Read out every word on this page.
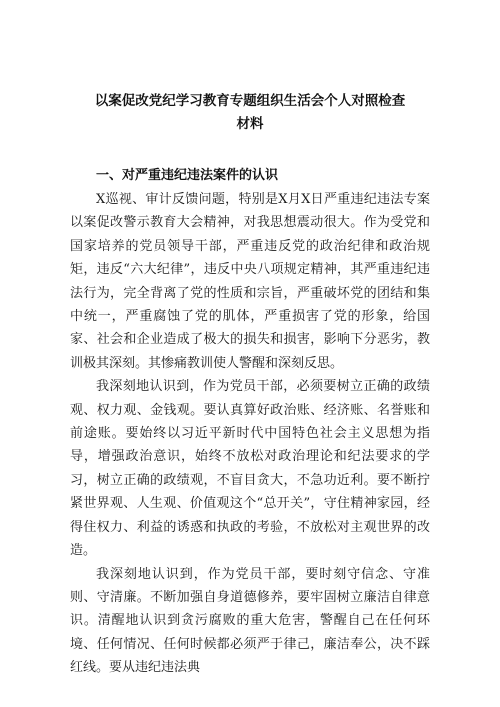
以案促改党纪学习教育专题组织生活会个人对照检查
材料
一、对严重违纪违法案件的认识

X巡视、审计反馈问题，特别是X月X日严重违纪违法专案以案促改警示教育大会精神，对我思想震动很大。作为受党和国家培养的党员领导干部，严重违反党的政治纪律和政治规矩，违反“六大纪律”，违反中央八项规定精神，其严重违纪违法行为，完全背离了党的性质和宗旨，严重破坏党的团结和集中统一，严重腐蚀了党的肌体，严重损害了党的形象，给国家、社会和企业造成了极大的损失和损害，影响下分恶劣，教训极其深刻。其惨痛教训使人警醒和深刻反思。

我深刻地认识到，作为党员干部，必须要树立正确的政绩观、权力观、金钱观。要认真算好政治账、经济账、名誉账和前途账。要始终以习近平新时代中国特色社会主义思想为指导，增强政治意识，始终不放松对政治理论和纪法要求的学习，树立正确的政绩观，不盲目贪大，不急功近利。要不断拧紧世界观、人生观、价值观这个“总开关”，守住精神家园，经得住权力、利益的诱惑和执政的考验，不放松对主观世界的改造。

我深刻地认识到，作为党员干部，要时刻守信念、守准则、守清廉。不断加强自身道德修养，要牢固树立廉洁自律意识。清醒地认识到贪污腐败的重大危害，警醒自己在任何环境、任何情况、任何时候都必须严于律己，廉洁奉公，决不踩红线。要从违纪违法典
